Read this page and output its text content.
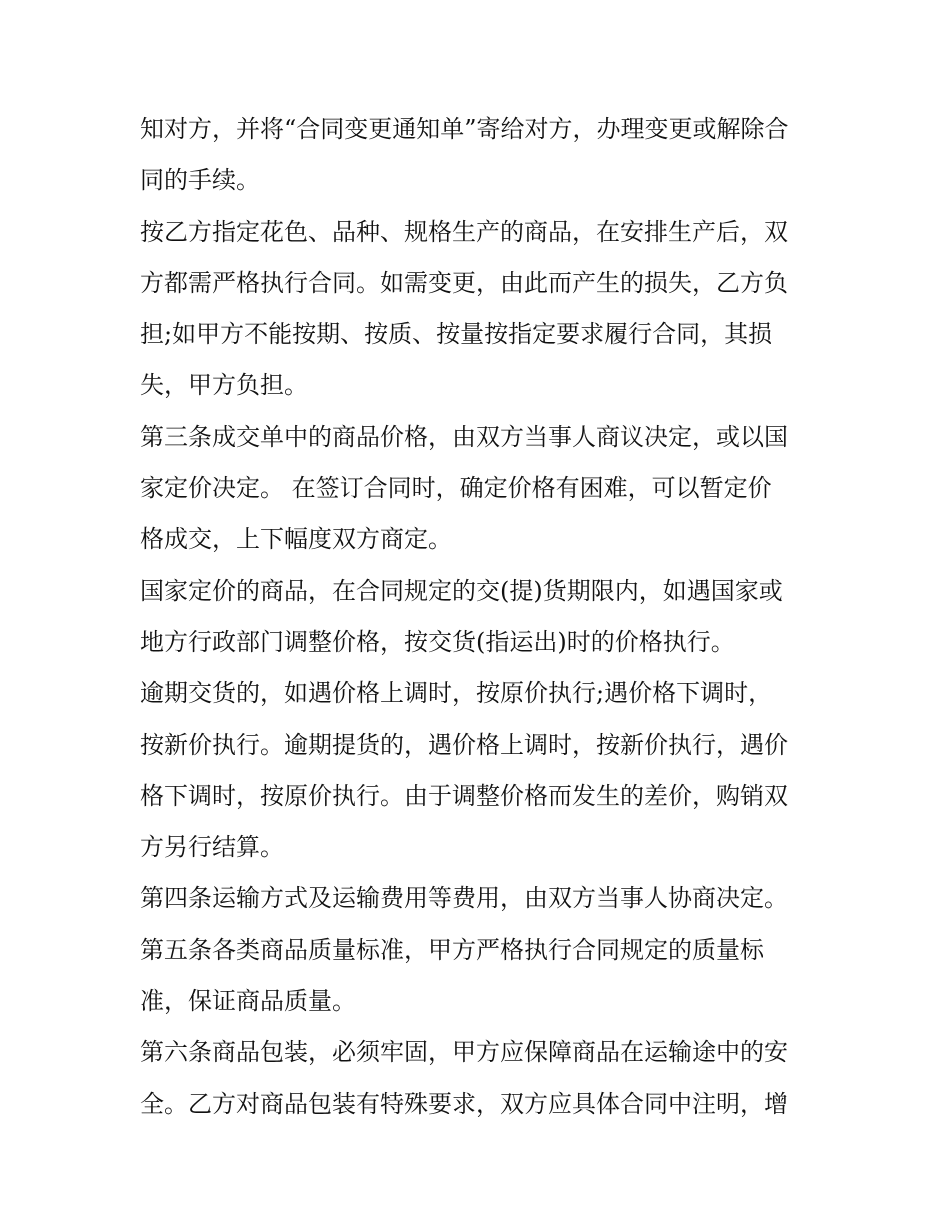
知对方，并将“合同变更通知单”寄给对方，办理变更或解除合
同的手续。
按乙方指定花色、品种、规格生产的商品，在安排生产后，双
方都需严格执行合同。如需变更，由此而产生的损失，乙方负
担;如甲方不能按期、按质、按量按指定要求履行合同，其损
失，甲方负担。
第三条成交单中的商品价格，由双方当事人商议决定，或以国
家定价决定。 在签订合同时，确定价格有困难，可以暂定价
格成交，上下幅度双方商定。
国家定价的商品，在合同规定的交(提)货期限内，如遇国家或
地方行政部门调整价格，按交货(指运出)时的价格执行。
逾期交货的，如遇价格上调时，按原价执行;遇价格下调时，
按新价执行。逾期提货的，遇价格上调时，按新价执行，遇价
格下调时，按原价执行。由于调整价格而发生的差价，购销双
方另行结算。
第四条运输方式及运输费用等费用，由双方当事人协商决定。
第五条各类商品质量标准，甲方严格执行合同规定的质量标
准，保证商品质量。
第六条商品包装，必须牢固，甲方应保障商品在运输途中的安
全。乙方对商品包装有特殊要求，双方应具体合同中注明，增
